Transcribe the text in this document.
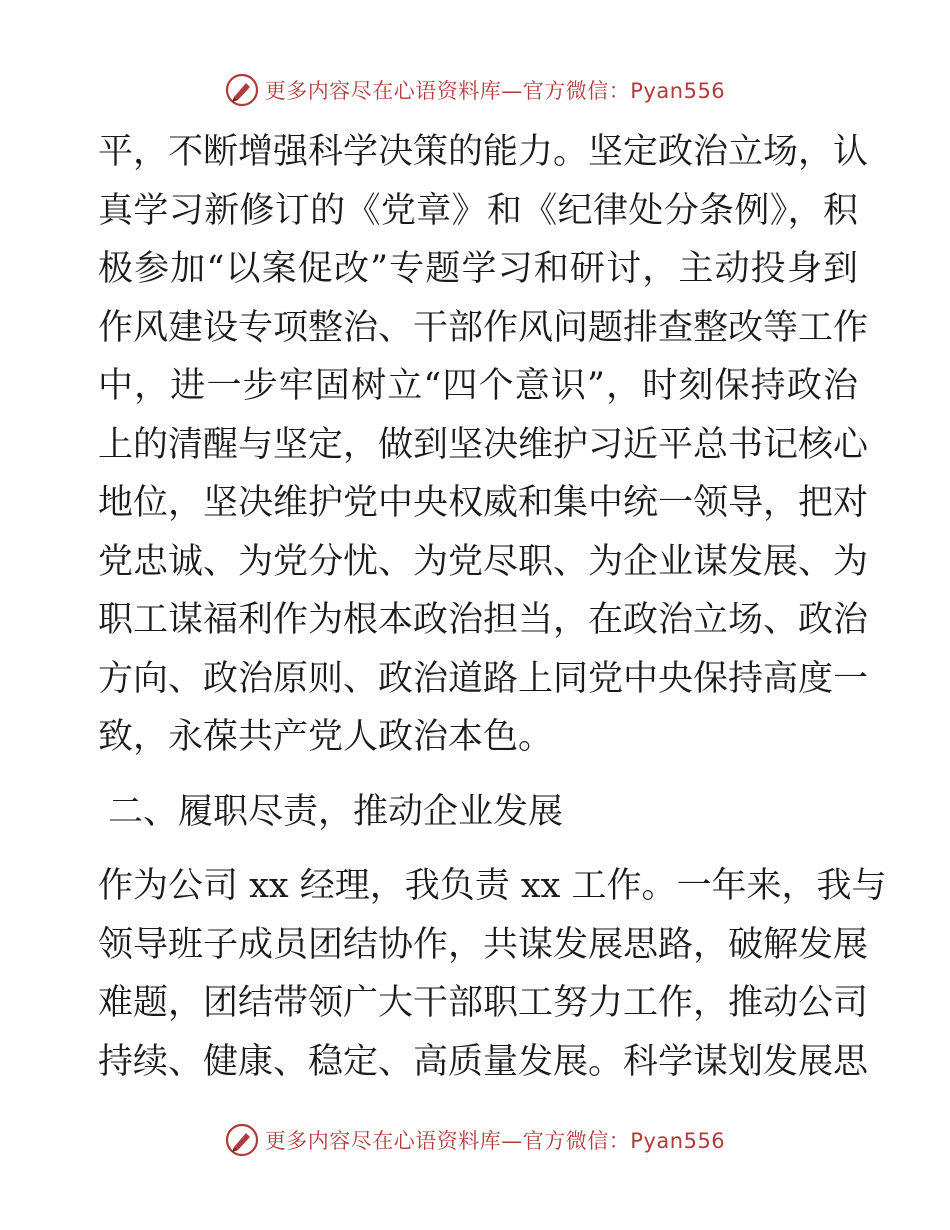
更多内容尽在心语资料库—官方微信：Pyan556
平，不断增强科学决策的能力。坚定政治立场，认
真学习新修订的《党章》和《纪律处分条例》，积
极参加“以案促改”专题学习和研讨，主动投身到
作风建设专项整治、干部作风问题排查整改等工作
中，进一步牢固树立“四个意识”，时刻保持政治
上的清醒与坚定，做到坚决维护习近平总书记核心
地位，坚决维护党中央权威和集中统一领导，把对
党忠诚、为党分忧、为党尽职、为企业谋发展、为
职工谋福利作为根本政治担当，在政治立场、政治
方向、政治原则、政治道路上同党中央保持高度一
致，永葆共产党人政治本色。
二、履职尽责，推动企业发展
作为公司 xx 经理，我负责 xx 工作。一年来，我与
领导班子成员团结协作，共谋发展思路，破解发展
难题，团结带领广大干部职工努力工作，推动公司
持续、健康、稳定、高质量发展。科学谋划发展思
更多内容尽在心语资料库—官方微信：Pyan556
